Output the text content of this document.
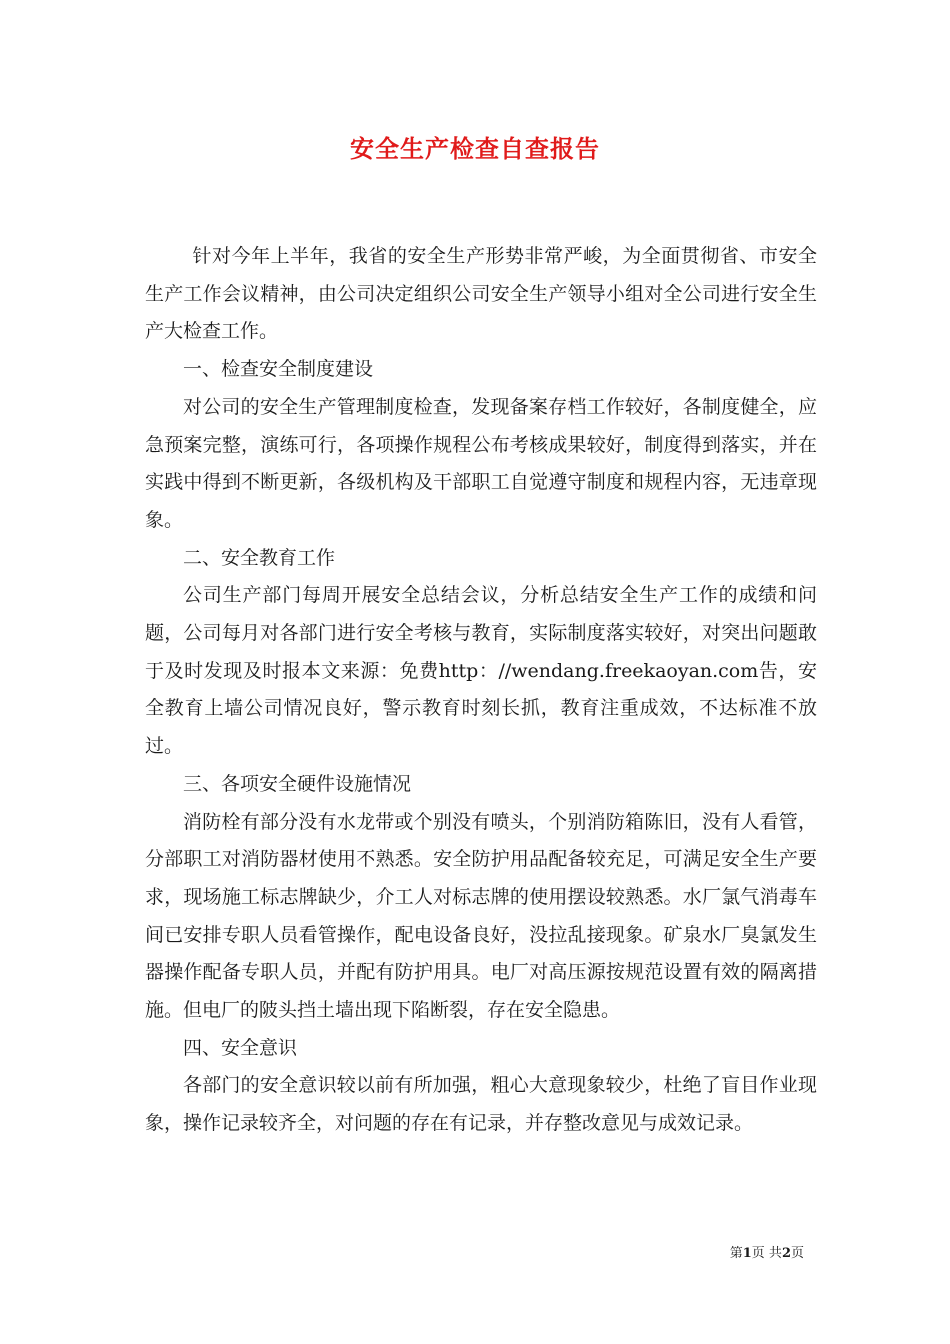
安全生产检查自查报告

针对今年上半年，我省的安全生产形势非常严峻，为全面贯彻省、市安全生产工作会议精神，由公司决定组织公司安全生产领导小组对全公司进行安全生产大检查工作。

一、检查安全制度建设

对公司的安全生产管理制度检查，发现备案存档工作较好，各制度健全，应急预案完整，演练可行，各项操作规程公布考核成果较好，制度得到落实，并在实践中得到不断更新，各级机构及干部职工自觉遵守制度和规程内容，无违章现象。

二、安全教育工作

公司生产部门每周开展安全总结会议，分析总结安全生产工作的成绩和问题，公司每月对各部门进行安全考核与教育，实际制度落实较好，对突出问题敢于及时发现及时报本文来源：免费http：//wendang.freekaoyan.com告，安全教育上墙公司情况良好，警示教育时刻长抓，教育注重成效，不达标准不放过。

三、各项安全硬件设施情况

消防栓有部分没有水龙带或个别没有喷头，个别消防箱陈旧，没有人看管，分部职工对消防器材使用不熟悉。安全防护用品配备较充足，可满足安全生产要求，现场施工标志牌缺少，介工人对标志牌的使用摆设较熟悉。水厂氯气消毒车间已安排专职人员看管操作，配电设备良好，没拉乱接现象。矿泉水厂臭氯发生器操作配备专职人员，并配有防护用具。电厂对高压源按规范设置有效的隔离措施。但电厂的陂头挡土墙出现下陷断裂，存在安全隐患。

四、安全意识

各部门的安全意识较以前有所加强，粗心大意现象较少，杜绝了盲目作业现象，操作记录较齐全，对问题的存在有记录，并存整改意见与成效记录。

第1页 共2页
